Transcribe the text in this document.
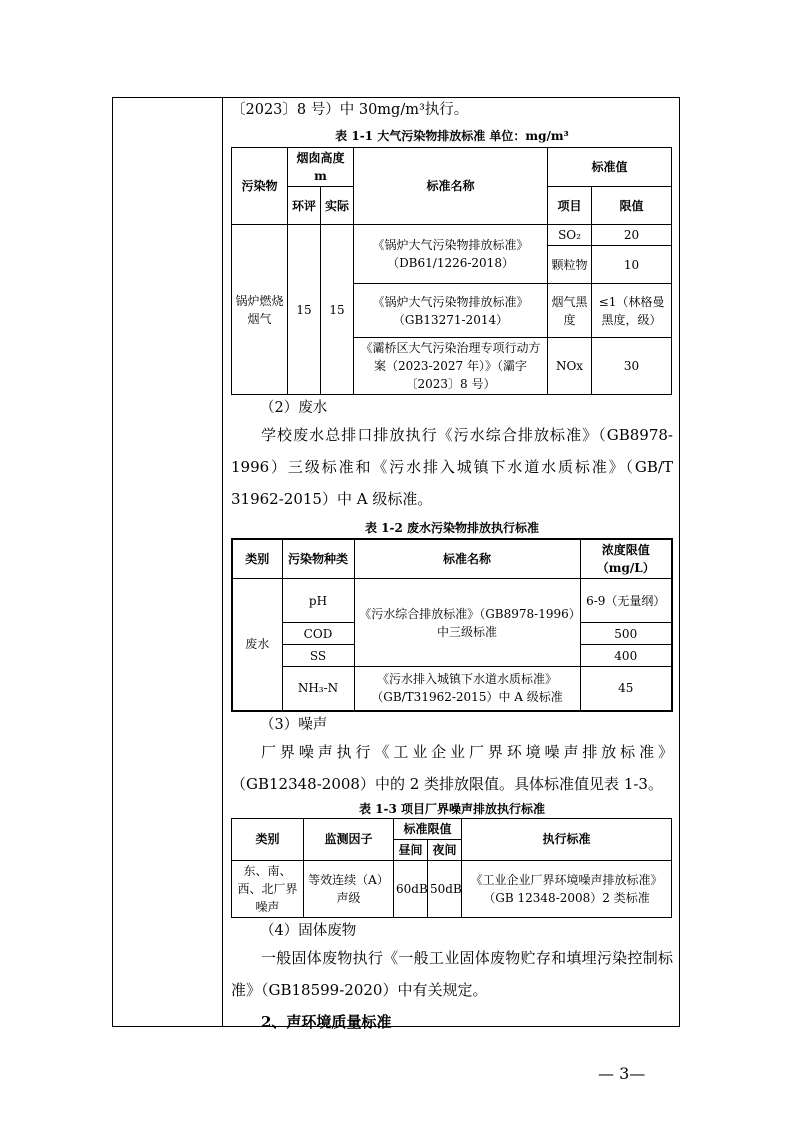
〔2023〕8 号）中 30mg/m³执行。

表 1-1 大气污染物排放标准 单位：mg/m³
污染物	烟囱高度 m		标准名称	标准值	
	环评	实际		项目	限值
锅炉燃烧烟气	15	15	《锅炉大气污染物排放标准》（DB61/1226-2018）	SO₂	20
				颗粒物	10
			《锅炉大气污染物排放标准》（GB13271-2014）	烟气黑度	≤1（林格曼黑度，级）
			《灞桥区大气污染治理专项行动方案（2023-2027 年）》（灞字〔2023〕8 号）	NOx	30

（2）废水

学校废水总排口排放执行《污水综合排放标准》（GB8978-1996）三级标准和《污水排入城镇下水道水质标准》（GB/T 31962-2015）中 A 级标准。

表 1-2 废水污染物排放执行标准
类别	污染物种类	标准名称	浓度限值（mg/L）
废水	pH	《污水综合排放标准》（GB8978-1996）中三级标准	6-9（无量纲）
	COD		500
	SS		400
	NH₃-N	《污水排入城镇下水道水质标准》（GB/T31962-2015）中 A 级标准	45

（3）噪声

厂界噪声执行《工业企业厂界环境噪声排放标准》（GB12348-2008）中的 2 类排放限值。具体标准值见表 1-3。

表 1-3 项目厂界噪声排放执行标准
类别	监测因子	标准限值		执行标准
		昼间	夜间	
东、南、西、北厂界噪声	等效连续（A）声级	60dB	50dB	《工业企业厂界环境噪声排放标准》（GB 12348-2008）2 类标准

（4）固体废物

一般固体废物执行《一般工业固体废物贮存和填埋污染控制标准》（GB18599-2020）中有关规定。

2、声环境质量标准

— 3—
